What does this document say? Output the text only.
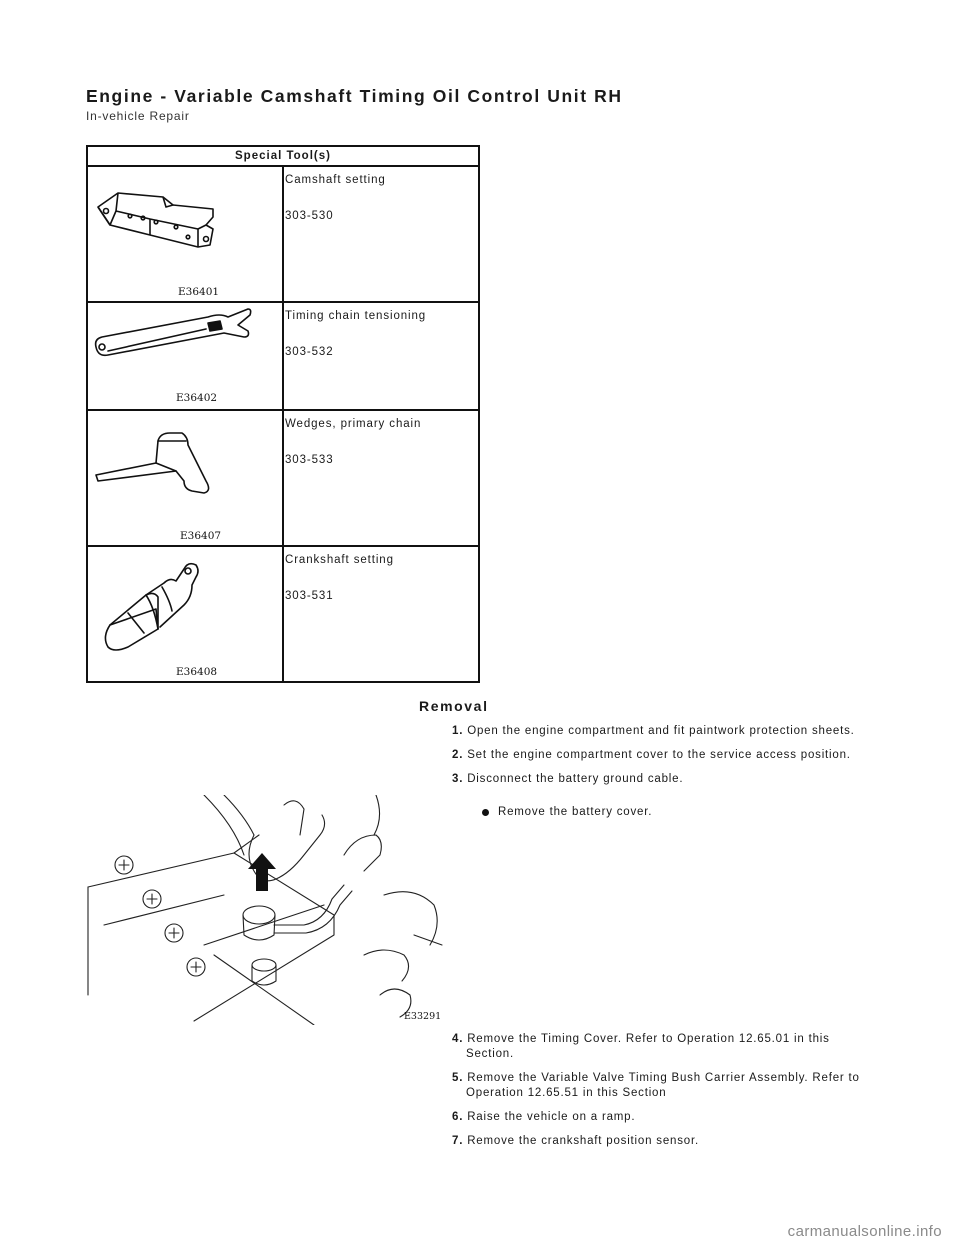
Engine - Variable Camshaft Timing Oil Control Unit RH
In-vehicle Repair
Special Tool(s)	

E36401	Camshaft setting
303-530

E36402	Timing chain tensioning
303-532

E36407	Wedges, primary chain
303-533

E36408	Crankshaft setting
303-531
Removal
1. Open the engine compartment and fit paintwork protection sheets.
2. Set the engine compartment cover to the service access position.
3. Disconnect the battery ground cable.
Remove the battery cover.
E33291
4. Remove the Timing Cover. Refer to Operation 12.65.01 in this Section.
5. Remove the Variable Valve Timing Bush Carrier Assembly. Refer to Operation 12.65.51 in this Section
6. Raise the vehicle on a ramp.
7. Remove the crankshaft position sensor.
carmanualsonline.info
